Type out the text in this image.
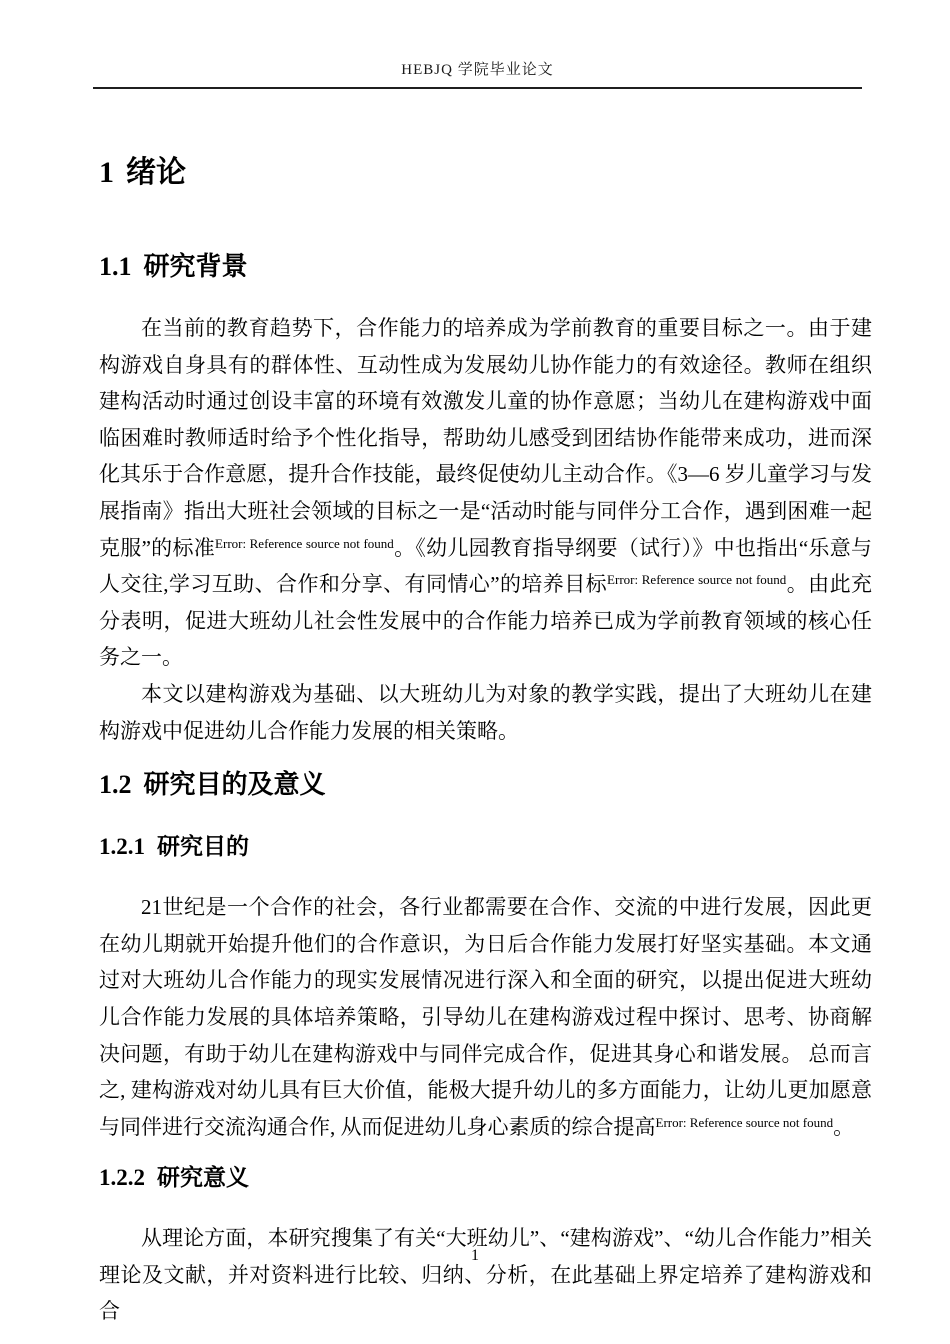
HEBJQ 学院毕业论文
1 绪论
1.1 研究背景

在当前的教育趋势下，合作能力的培养成为学前教育的重要目标之一。由于建构游戏自身具有的群体性、互动性成为发展幼儿协作能力的有效途径。教师在组织建构活动时通过创设丰富的环境有效激发儿童的协作意愿；当幼儿在建构游戏中面临困难时教师适时给予个性化指导，帮助幼儿感受到团结协作能带来成功，进而深化其乐于合作意愿，提升合作技能，最终促使幼儿主动合作。《3—6 岁儿童学习与发展指南》指出大班社会领域的目标之一是“活动时能与同伴分工合作，遇到困难一起克服”的标准$^{Error: Reference source not found}$。《幼儿园教育指导纲要（试行）》中也指出“乐意与人交往,学习互助、合作和分享、有同情心”的培养目标$^{Error: Reference source not found}$。由此充分表明，促进大班幼儿社会性发展中的合作能力培养已成为学前教育领域的核心任务之一。

本文以建构游戏为基础、以大班幼儿为对象的教学实践，提出了大班幼儿在建构游戏中促进幼儿合作能力发展的相关策略。

1.2 研究目的及意义
1.2.1 研究目的

21世纪是一个合作的社会，各行业都需要在合作、交流的中进行发展，因此更在幼儿期就开始提升他们的合作意识，为日后合作能力发展打好坚实基础。本文通过对大班幼儿合作能力的现实发展情况进行深入和全面的研究，以提出促进大班幼儿合作能力发展的具体培养策略，引导幼儿在建构游戏过程中探讨、思考、协商解决问题，有助于幼儿在建构游戏中与同伴完成合作，促进其身心和谐发展。 总而言之, 建构游戏对幼儿具有巨大价值，能极大提升幼儿的多方面能力，让幼儿更加愿意与同伴进行交流沟通合作, 从而促进幼儿身心素质的综合提高$^{Error: Reference source not found}$。

1.2.2 研究意义

从理论方面，本研究搜集了有关“大班幼儿”、“建构游戏”、“幼儿合作能力”相关理论及文献，并对资料进行比较、归纳、分析，在此基础上界定培养了建构游戏和合

1
